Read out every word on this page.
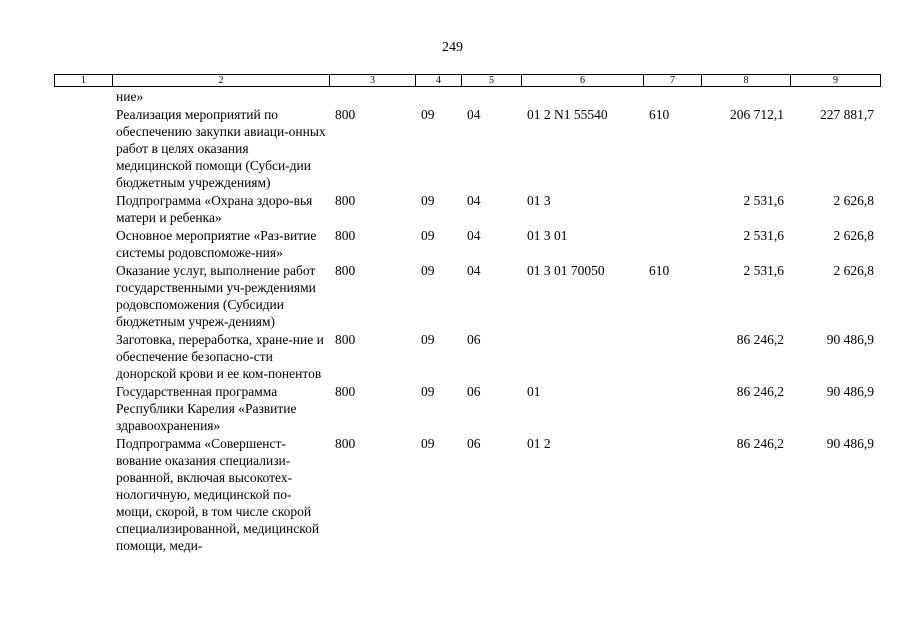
249
1	2	3	4	5	6	7	8	9
	ние»							
	Реализация мероприятий по обеспечению закупки авиаци-онных работ в целях оказания медицинской помощи (Субси-дии бюджетным учреждениям)	800	09	04	01 2 N1 55540	610	206 712,1	227 881,7
	Подпрограмма «Охрана здоро-вья матери и ребенка»	800	09	04	01 3		2 531,6	2 626,8
	Основное мероприятие «Раз-витие системы родовспоможе-ния»	800	09	04	01 3 01		2 531,6	2 626,8
	Оказание услуг, выполнение работ государственными уч-реждениями родовспоможения (Субсидии бюджетным учреж-дениям)	800	09	04	01 3 01 70050	610	2 531,6	2 626,8
	Заготовка, переработка, хране-ние и обеспечение безопасно-сти донорской крови и ее ком-понентов	800	09	06			86 246,2	90 486,9
	Государственная программа Республики Карелия «Развитие здравоохранения»	800	09	06	01		86 246,2	90 486,9
	Подпрограмма «Совершенст-вование оказания специализи-рованной, включая высокотех-нологичную, медицинской по-мощи, скорой, в том числе скорой специализированной, медицинской помощи, меди-	800	09	06	01 2		86 246,2	90 486,9
